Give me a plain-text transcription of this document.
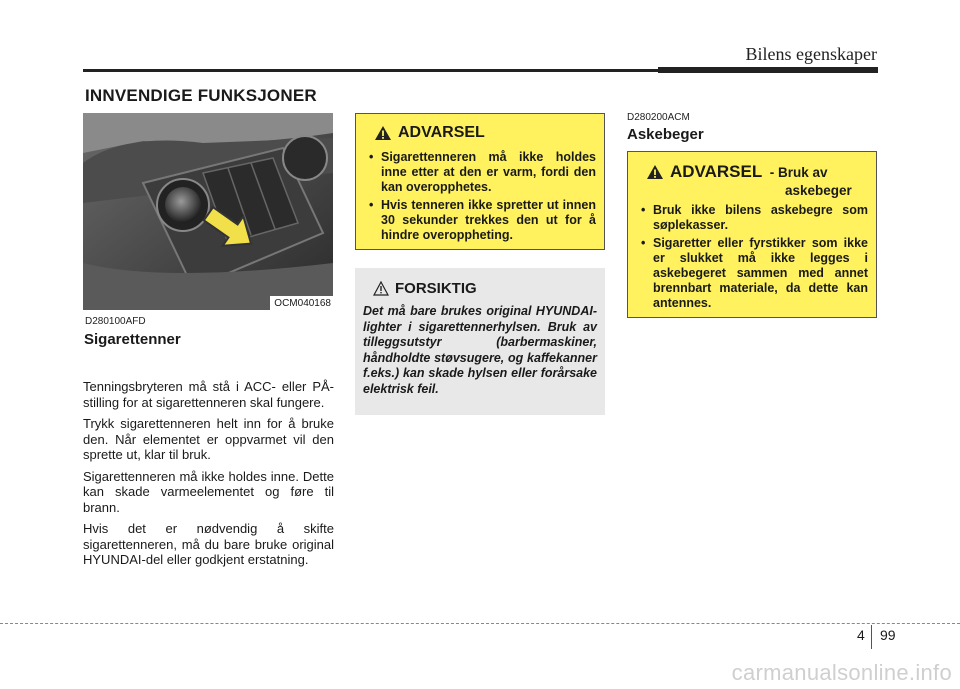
Bilens egenskaper
INNVENDIGE FUNKSJONER
OCM040168
D280100AFD
Sigarettenner

Tenningsbryteren må stå i ACC- eller PÅ-stilling for at sigarettenneren skal fungere.

Trykk sigarettenneren helt inn for å bruke den. Når elementet er oppvarmet vil den sprette ut, klar til bruk.

Sigarettenneren må ikke holdes inne. Dette kan skade varmeelementet og føre til brann.

Hvis det er nødvendig å skifte sigarettenneren, må du bare bruke original HYUNDAI-del eller godkjent erstatning.

ADVARSEL
• Sigarettenneren må ikke holdes inne etter at den er varm, fordi den kan overopphetes.
• Hvis tenneren ikke spretter ut innen 30 sekunder trekkes den ut for å hindre overoppheting.
FORSIKTIG
Det må bare brukes original HYUNDAI-lighter i sigarettennerhylsen. Bruk av tilleggsutstyr (barbermaskiner, håndholdte støvsugere, og kaffekanner f.eks.) kan skade hylsen eller forårsake elektrisk feil.
D280200ACM
Askebeger
ADVARSEL - Bruk av
askebeger
• Bruk ikke bilens askebegre som søplekasser.
• Sigaretter eller fyrstikker som ikke er slukket må ikke legges i askebegeret sammen med annet brennbart materiale, da dette kan antennes.
4 99
carmanualsonline.info
